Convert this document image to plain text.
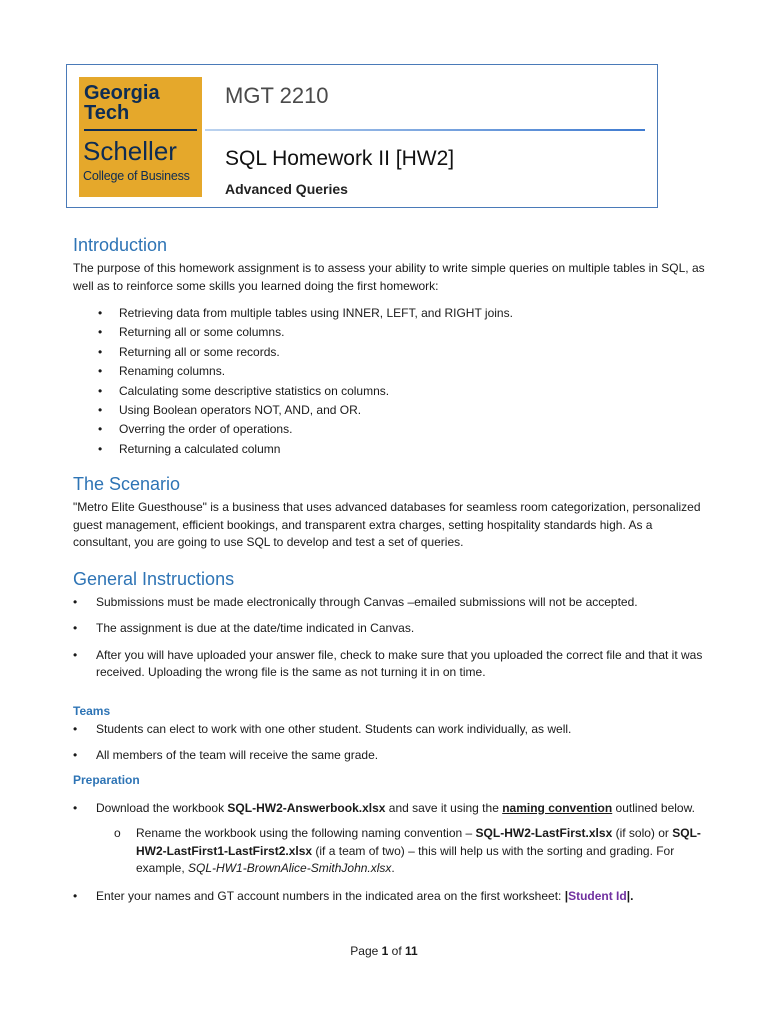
Georgia
Tech
Scheller
College of Business
MGT 2210
SQL Homework II [HW2]
Advanced Queries
Introduction

The purpose of this homework assignment is to assess your ability to write simple queries on multiple tables in SQL, as well as to reinforce some skills you learned doing the first homework:

• Retrieving data from multiple tables using INNER, LEFT, and RIGHT joins.
• Returning all or some columns.
• Returning all or some records.
• Renaming columns.
• Calculating some descriptive statistics on columns.
• Using Boolean operators NOT, AND, and OR.
• Overring the order of operations.
• Returning a calculated column
The Scenario

"Metro Elite Guesthouse" is a business that uses advanced databases for seamless room categorization, personalized guest management, efficient bookings, and transparent extra charges, setting hospitality standards high. As a consultant, you are going to use SQL to develop and test a set of queries.

General Instructions
• Submissions must be made electronically through Canvas –emailed submissions will not be accepted.
• The assignment is due at the date/time indicated in Canvas.
• After you will have uploaded your answer file, check to make sure that you uploaded the correct file and that it was received. Uploading the wrong file is the same as not turning it in on time.
Teams
• Students can elect to work with one other student. Students can work individually, as well.
• All members of the team will receive the same grade.
Preparation
• Download the workbook SQL-HW2-Answerbook.xlsx and save it using the naming convention outlined below.
o Rename the workbook using the following naming convention – SQL-HW2-LastFirst.xlsx (if solo) or SQL-HW2-LastFirst1-LastFirst2.xlsx (if a team of two) – this will help us with the sorting and grading. For example, SQL-HW1-BrownAlice-SmithJohn.xlsx.
• Enter your names and GT account numbers in the indicated area on the first worksheet: |Student Id|.
Page 1 of 11
